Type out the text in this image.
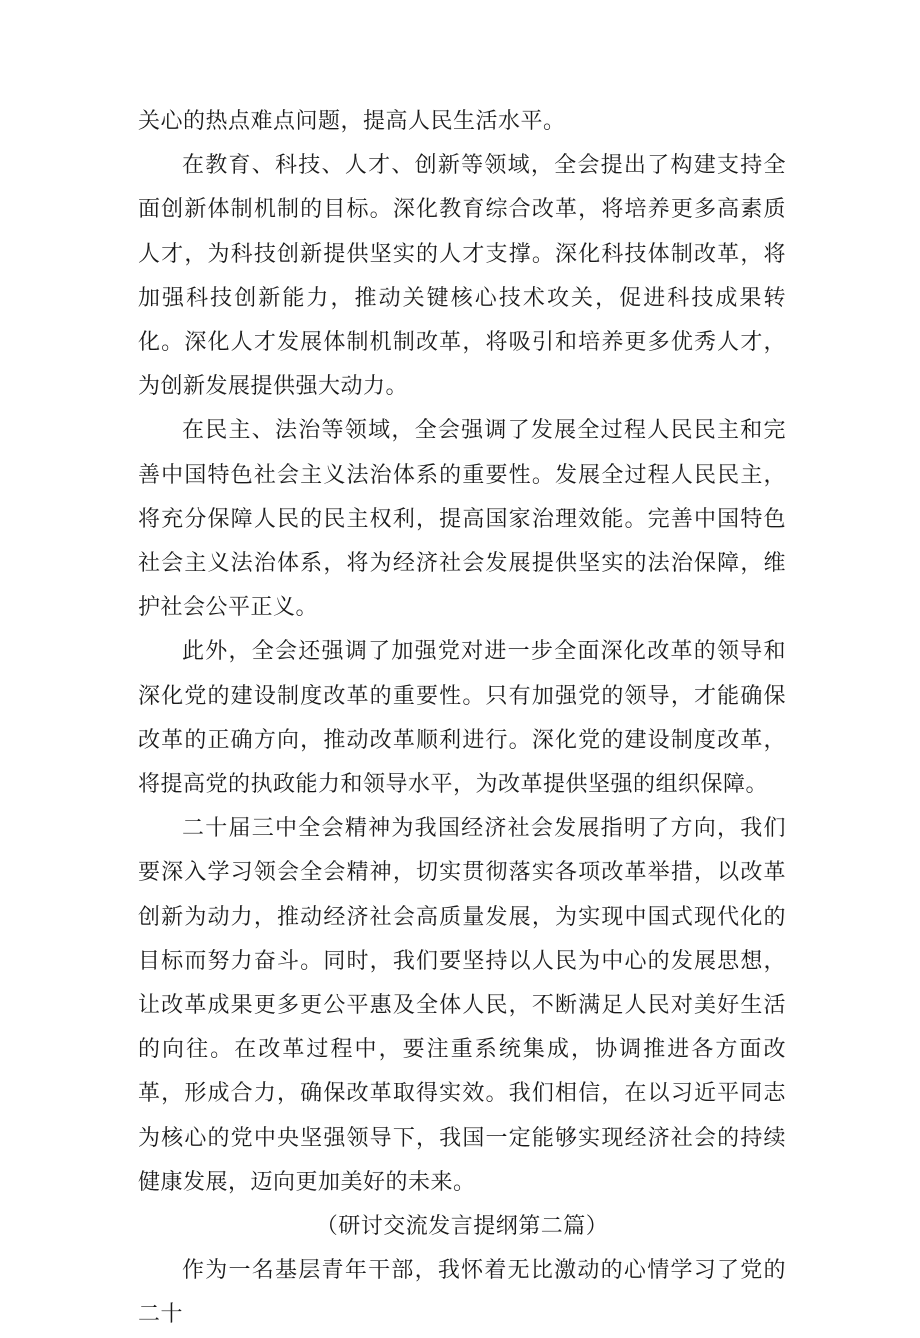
关心的热点难点问题，提高人民生活水平。

在教育、科技、人才、创新等领域，全会提出了构建支持全面创新体制机制的目标。深化教育综合改革，将培养更多高素质人才，为科技创新提供坚实的人才支撑。深化科技体制改革，将加强科技创新能力，推动关键核心技术攻关，促进科技成果转化。深化人才发展体制机制改革，将吸引和培养更多优秀人才，为创新发展提供强大动力。

在民主、法治等领域，全会强调了发展全过程人民民主和完善中国特色社会主义法治体系的重要性。发展全过程人民民主，将充分保障人民的民主权利，提高国家治理效能。完善中国特色社会主义法治体系，将为经济社会发展提供坚实的法治保障，维护社会公平正义。

此外，全会还强调了加强党对进一步全面深化改革的领导和深化党的建设制度改革的重要性。只有加强党的领导，才能确保改革的正确方向，推动改革顺利进行。深化党的建设制度改革，将提高党的执政能力和领导水平，为改革提供坚强的组织保障。

二十届三中全会精神为我国经济社会发展指明了方向，我们要深入学习领会全会精神，切实贯彻落实各项改革举措，以改革创新为动力，推动经济社会高质量发展，为实现中国式现代化的目标而努力奋斗。同时，我们要坚持以人民为中心的发展思想，让改革成果更多更公平惠及全体人民，不断满足人民对美好生活的向往。在改革过程中，要注重系统集成，协调推进各方面改革，形成合力，确保改革取得实效。我们相信，在以习近平同志为核心的党中央坚强领导下，我国一定能够实现经济社会的持续健康发展，迈向更加美好的未来。

（研讨交流发言提纲第二篇）

作为一名基层青年干部，我怀着无比激动的心情学习了党的二十
